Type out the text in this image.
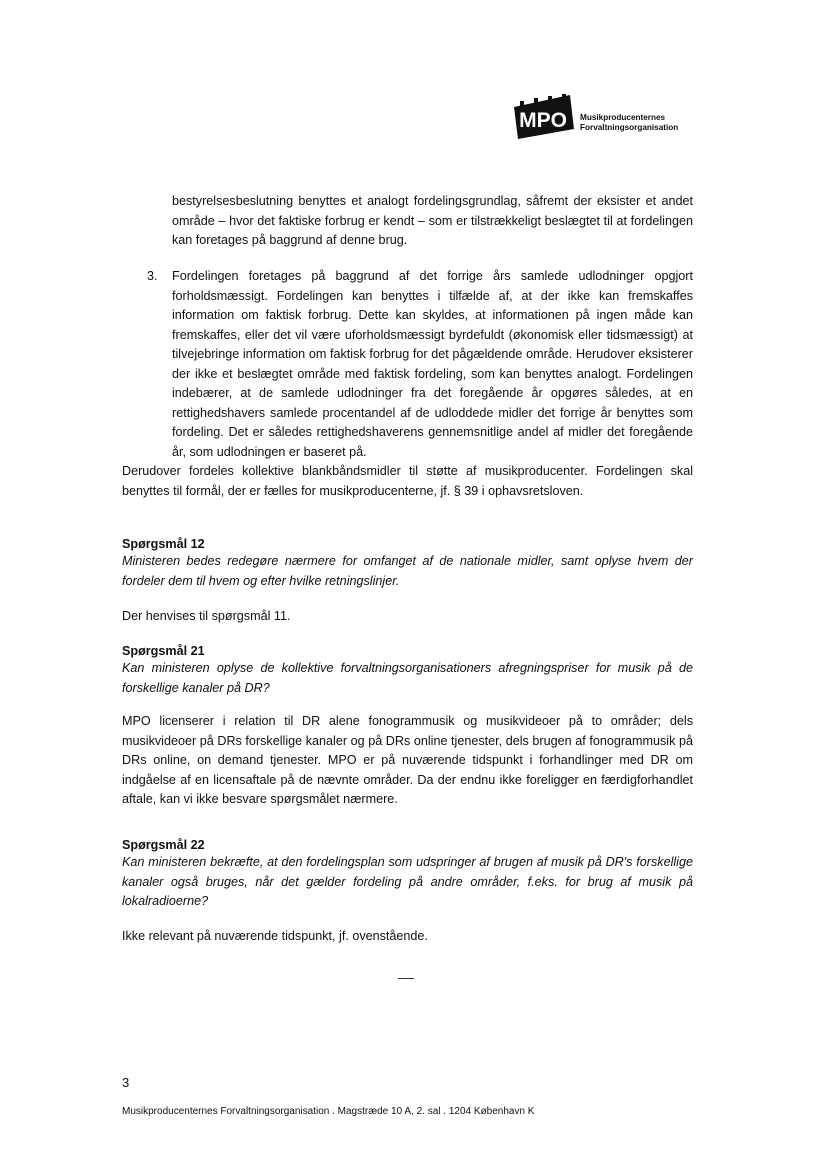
MPO Musikproducenternes
Forvaltningsorganisation

bestyrelsesbeslutning benyttes et analogt fordelingsgrundlag, såfremt der eksister et andet område – hvor det faktiske forbrug er kendt – som er tilstrækkeligt beslægtet til at fordelingen kan foretages på baggrund af denne brug.

3. Fordelingen foretages på baggrund af det forrige års samlede udlodninger opgjort forholdsmæssigt. Fordelingen kan benyttes i tilfælde af, at der ikke kan fremskaffes information om faktisk forbrug. Dette kan skyldes, at informationen på ingen måde kan fremskaffes, eller det vil være uforholdsmæssigt byrdefuldt (økonomisk eller tidsmæssigt) at tilvejebringe information om faktisk forbrug for det pågældende område. Herudover eksisterer der ikke et beslægtet område med faktisk fordeling, som kan benyttes analogt. Fordelingen indebærer, at de samlede udlodninger fra det foregående år opgøres således, at en rettighedshavers samlede procentandel af de udloddede midler det forrige år benyttes som fordeling. Det er således rettighedshaverens gennemsnitlige andel af midler det foregående år, som udlodningen er baseret på.

Derudover fordeles kollektive blankbåndsmidler til støtte af musikproducenter. Fordelingen skal benyttes til formål, der er fælles for musikproducenterne, jf. § 39 i ophavsretsloven.

Spørgsmål 12

Ministeren bedes redegøre nærmere for omfanget af de nationale midler, samt oplyse hvem der fordeler dem til hvem og efter hvilke retningslinjer.

Der henvises til spørgsmål 11.

Spørgsmål 21

Kan ministeren oplyse de kollektive forvaltningsorganisationers afregningspriser for musik på de forskellige kanaler på DR?

MPO licenserer i relation til DR alene fonogrammusik og musikvideoer på to områder; dels musikvideoer på DRs forskellige kanaler og på DRs online tjenester, dels brugen af fonogrammusik på DRs online, on demand tjenester. MPO er på nuværende tidspunkt i forhandlinger med DR om indgåelse af en licensaftale på de nævnte områder. Da der endnu ikke foreligger en færdigforhandlet aftale, kan vi ikke besvare spørgsmålet nærmere.

Spørgsmål 22

Kan ministeren bekræfte, at den fordelingsplan som udspringer af brugen af musik på DR's forskellige kanaler også bruges, når det gælder fordeling på andre områder, f.eks. for brug af musik på lokalradioerne?

Ikke relevant på nuværende tidspunkt, jf. ovenstående.

3

Musikproducenternes Forvaltningsorganisation . Magstræde 10 A, 2. sal . 1204 København K
